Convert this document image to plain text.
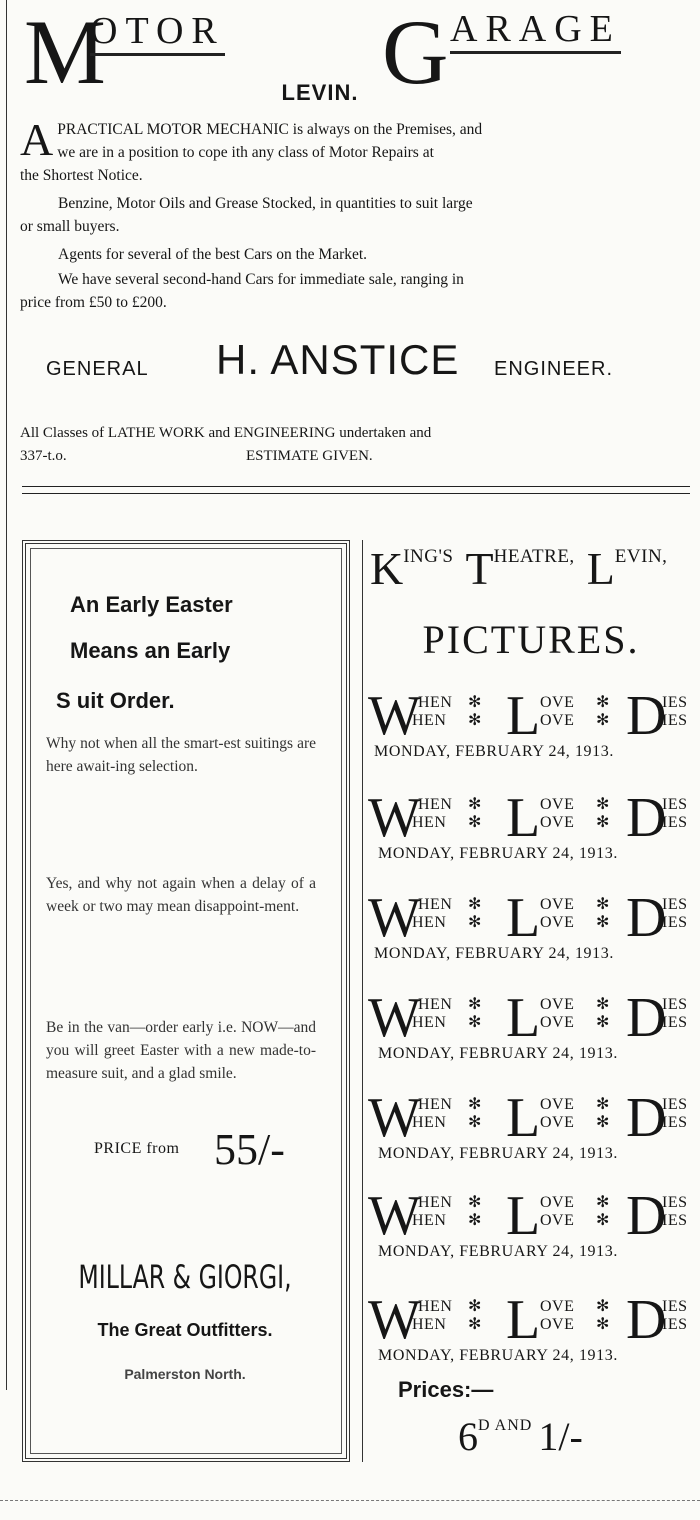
M
OTOR G ARAGE
LEVIN.
A PRACTICAL MOTOR MECHANIC is always on the Premises, and
we are in a position to cope ith any class of Motor Repairs at
the Shortest Notice.
Benzine, Motor Oils and Grease Stocked, in quantities to suit large
or small buyers.
Agents for several of the best Cars on the Market.
We have several second-hand Cars for immediate sale, ranging in
price from £50 to £200.
GENERAL H. ANSTICE ENGINEER.
All Classes of LATHE WORK and ENGINEERING undertaken and
337-t.o.	ESTIMATE GIVEN.
An Early Easter
Means an Early
S uit Order.
Why not when all the smart-est suitings are here await-ing selection.
Yes, and why not again when a delay of a week or two may mean disappoint-ment.
Be in the van—order early i.e. NOW—and you will greet Easter with a new made-to-measure suit, and a glad smile.
PRICE from 55/-
MILLAR & GIORGI,
The Great Outfitters.
Palmerston North.
KING'S THEATRE, LEVIN,
PICTURES.
W
HEN
HEN
✻
✻ L OVE
OVE
✻
✻ D
IES
IES
MONDAY, FEBRUARY 24, 1913.
W
HEN
HEN
✻
✻ L OVE
OVE
✻
✻ D
IES
IES
MONDAY, FEBRUARY 24, 1913.
W
HEN
HEN
✻
✻ L OVE
OVE
✻
✻ D
IES
IES
MONDAY, FEBRUARY 24, 1913.
W
HEN
HEN
✻
✻ L OVE
OVE
✻
✻ D
IES
IES
MONDAY, FEBRUARY 24, 1913.
W
HEN
HEN
✻
✻ L OVE
OVE
✻
✻ D
IES
IES
MONDAY, FEBRUARY 24, 1913.
W
HEN
HEN
✻
✻ L OVE
OVE
✻
✻ D
IES
IES
MONDAY, FEBRUARY 24, 1913.
W
HEN
HEN
✻
✻ L OVE
OVE
✻
✻ D
IES
IES
MONDAY, FEBRUARY 24, 1913.
Prices:—
6D AND 1/-
